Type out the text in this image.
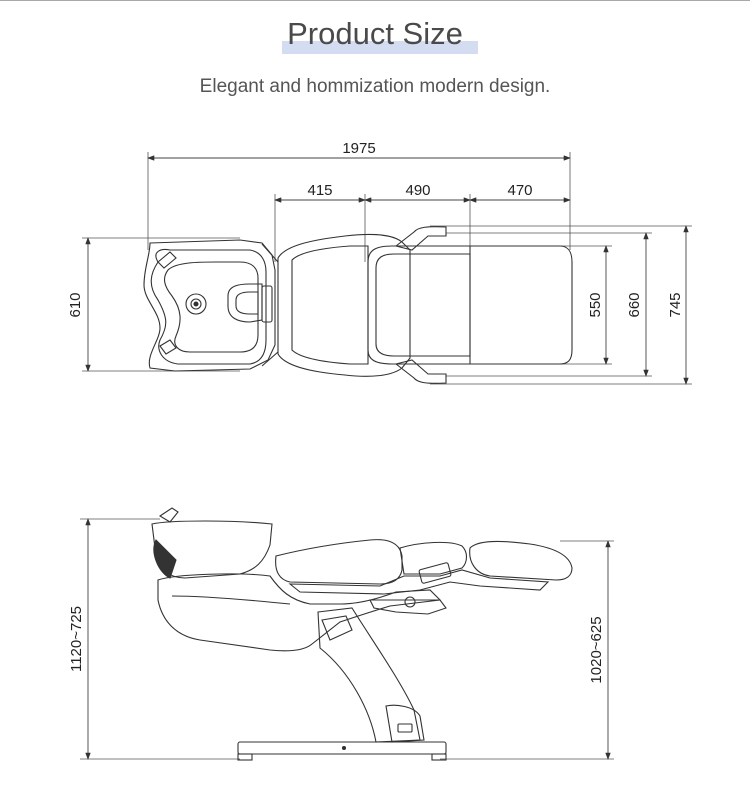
Product Size
Elegant and hommization modern design.
1975
415	490	470
610	550 660 745
1120~725	1020~625
